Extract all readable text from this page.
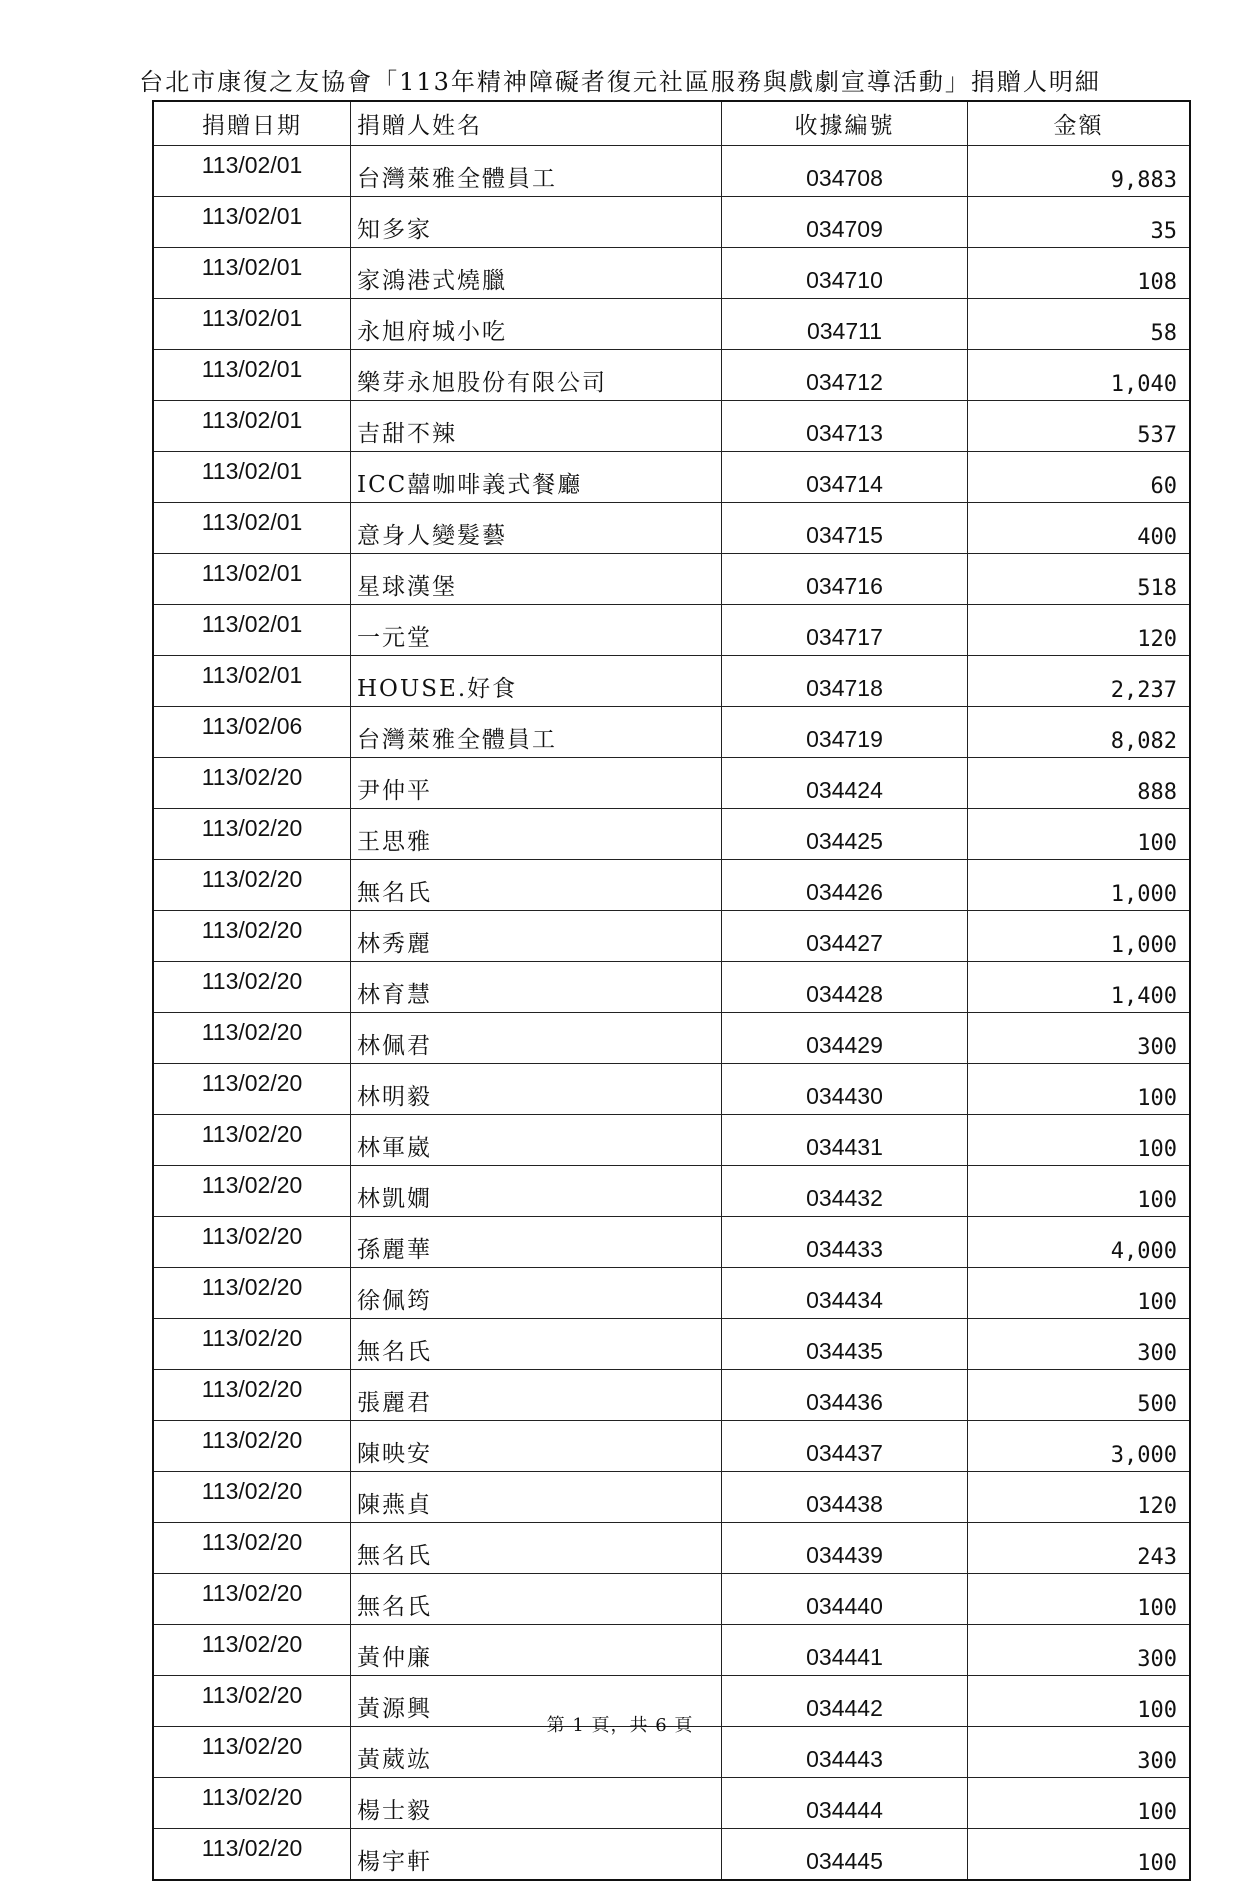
台北市康復之友協會「113年精神障礙者復元社區服務與戲劇宣導活動」捐贈人明細
捐贈日期	捐贈人姓名	收據編號	金額
113/02/01	台灣萊雅全體員工	034708	9,883
113/02/01	知多家	034709	35
113/02/01	家鴻港式燒臘	034710	108
113/02/01	永旭府城小吃	034711	58
113/02/01	樂芽永旭股份有限公司	034712	1,040
113/02/01	吉甜不辣	034713	537
113/02/01	ICC囍咖啡義式餐廳	034714	60
113/02/01	意身人變髮藝	034715	400
113/02/01	星球漢堡	034716	518
113/02/01	一元堂	034717	120
113/02/01	HOUSE.好食	034718	2,237
113/02/06	台灣萊雅全體員工	034719	8,082
113/02/20	尹仲平	034424	888
113/02/20	王思雅	034425	100
113/02/20	無名氏	034426	1,000
113/02/20	林秀麗	034427	1,000
113/02/20	林育慧	034428	1,400
113/02/20	林佩君	034429	300
113/02/20	林明毅	034430	100
113/02/20	林軍崴	034431	100
113/02/20	林凱嫺	034432	100
113/02/20	孫麗華	034433	4,000
113/02/20	徐佩筠	034434	100
113/02/20	無名氏	034435	300
113/02/20	張麗君	034436	500
113/02/20	陳映安	034437	3,000
113/02/20	陳燕貞	034438	120
113/02/20	無名氏	034439	243
113/02/20	無名氏	034440	100
113/02/20	黃仲廉	034441	300
113/02/20	黃源興	034442	100
113/02/20	黃葳竑	034443	300
113/02/20	楊士毅	034444	100
113/02/20	楊宇軒	034445	100
第 1 頁，共 6 頁
